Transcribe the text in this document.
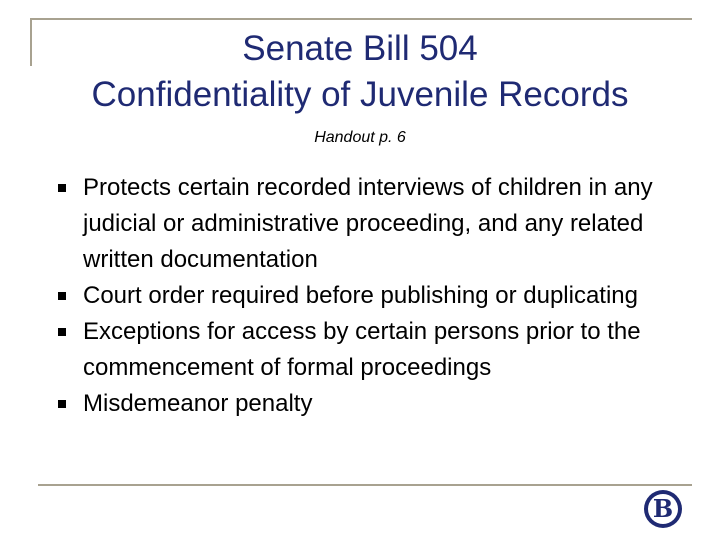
Senate Bill 504
Confidentiality of Juvenile Records
Handout p. 6
Protects certain recorded interviews of children in any judicial or administrative proceeding, and any related written documentation
Court order required before publishing or duplicating
Exceptions for access by certain persons prior to the commencement of formal proceedings
Misdemeanor penalty
B
